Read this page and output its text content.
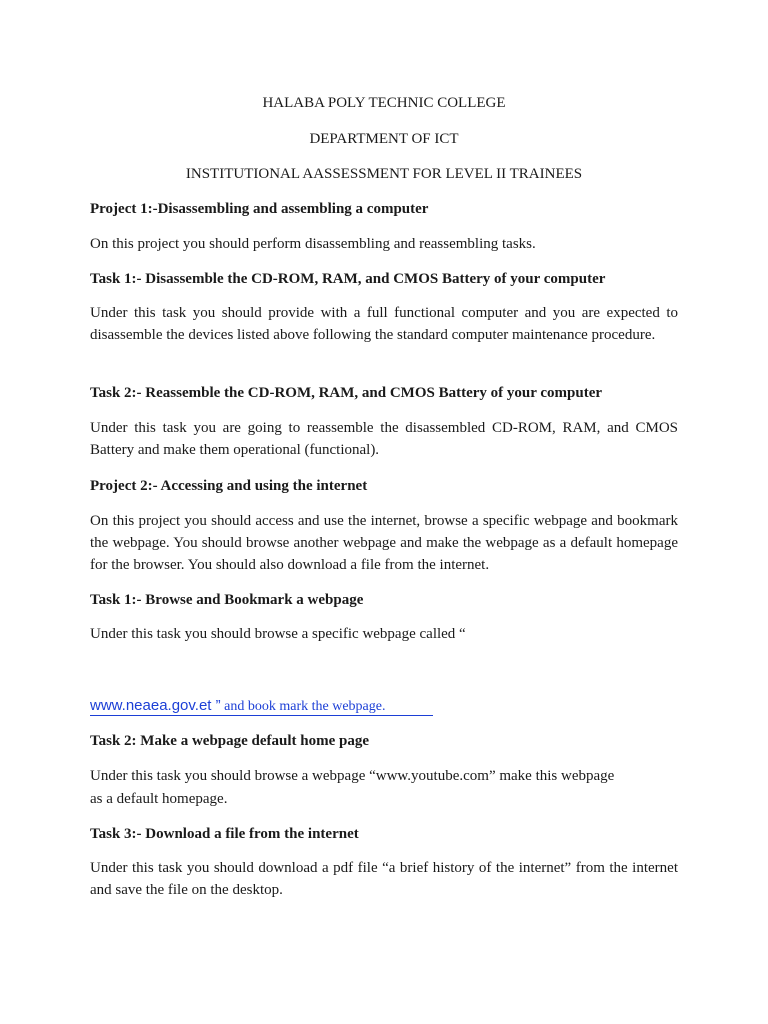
HALABA POLY TECHNIC COLLEGE

DEPARTMENT OF ICT

INSTITUTIONAL AASSESSMENT FOR LEVEL II TRAINEES

Project 1:-Disassembling and assembling a computer

On this project you should perform disassembling and reassembling tasks.

Task 1:- Disassemble the CD-ROM, RAM, and CMOS Battery of your computer

Under this task you should provide with a full functional computer and you are expected to disassemble the devices listed above following the standard computer maintenance procedure.

Task 2:- Reassemble the CD-ROM, RAM, and CMOS Battery of your computer

Under this task you are going to reassemble the disassembled CD-ROM, RAM, and CMOS Battery and make them operational (functional).

Project 2:- Accessing and using the internet

On this project you should access and use the internet, browse a specific webpage and bookmark the webpage. You should browse another webpage and make the webpage as a default homepage for the browser. You should also download a file from the internet.

Task 1:- Browse and Bookmark a webpage

Under this task you should browse a specific webpage called “

www.neaea.gov.et ” and book mark the webpage.

Task 2: Make a webpage default home page

Under this task you should browse a webpage “www.youtube.com” make this webpage

as a default homepage.

Task 3:- Download a file from the internet

Under this task you should download a pdf file “a brief history of the internet” from the internet and save the file on the desktop.
